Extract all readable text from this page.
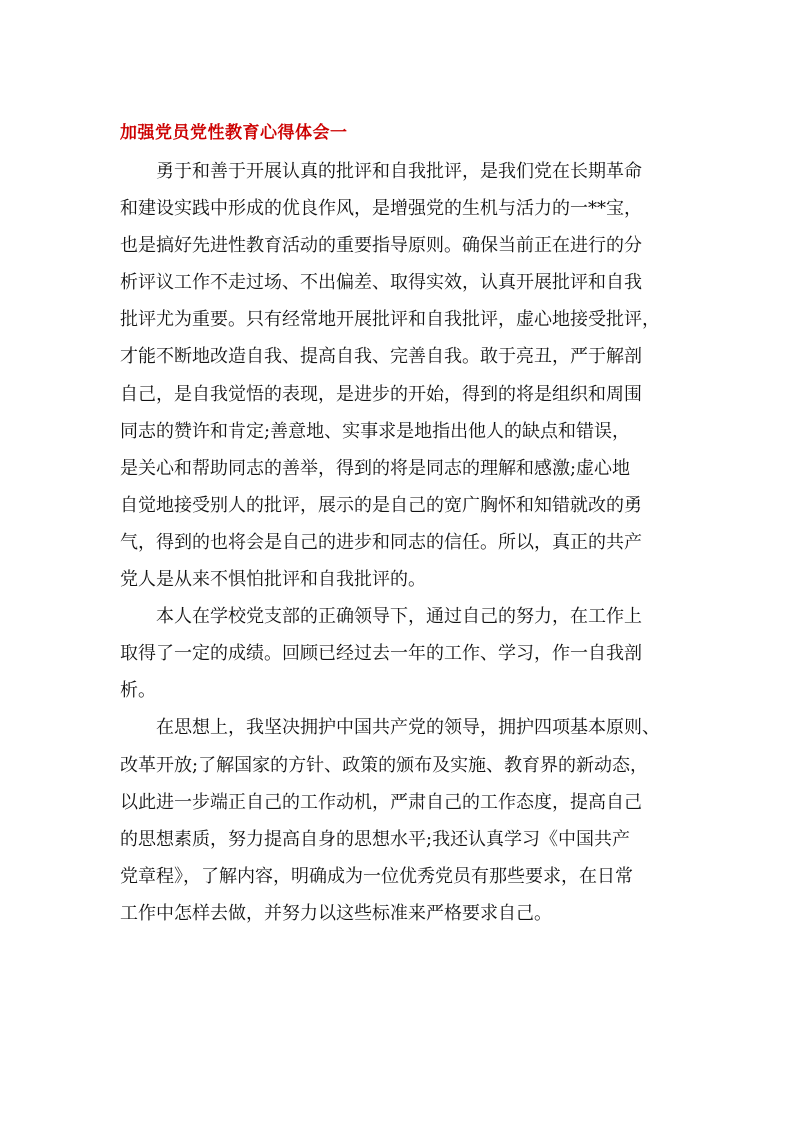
加强党员党性教育心得体会一
勇于和善于开展认真的批评和自我批评，是我们党在长期革命
和建设实践中形成的优良作风，是增强党的生机与活力的一**宝，
也是搞好先进性教育活动的重要指导原则。确保当前正在进行的分
析评议工作不走过场、不出偏差、取得实效，认真开展批评和自我
批评尤为重要。只有经常地开展批评和自我批评，虚心地接受批评，
才能不断地改造自我、提高自我、完善自我。敢于亮丑，严于解剖
自己，是自我觉悟的表现，是进步的开始，得到的将是组织和周围
同志的赞许和肯定;善意地、实事求是地指出他人的缺点和错误，
是关心和帮助同志的善举，得到的将是同志的理解和感激;虚心地
自觉地接受别人的批评，展示的是自己的宽广胸怀和知错就改的勇
气，得到的也将会是自己的进步和同志的信任。所以，真正的共产
党人是从来不惧怕批评和自我批评的。
本人在学校党支部的正确领导下，通过自己的努力，在工作上
取得了一定的成绩。回顾已经过去一年的工作、学习，作一自我剖
析。
在思想上，我坚决拥护中国共产党的领导，拥护四项基本原则、
改革开放;了解国家的方针、政策的颁布及实施、教育界的新动态，
以此进一步端正自己的工作动机，严肃自己的工作态度，提高自己
的思想素质，努力提高自身的思想水平;我还认真学习《中国共产
党章程》，了解内容，明确成为一位优秀党员有那些要求，在日常
工作中怎样去做，并努力以这些标准来严格要求自己。
